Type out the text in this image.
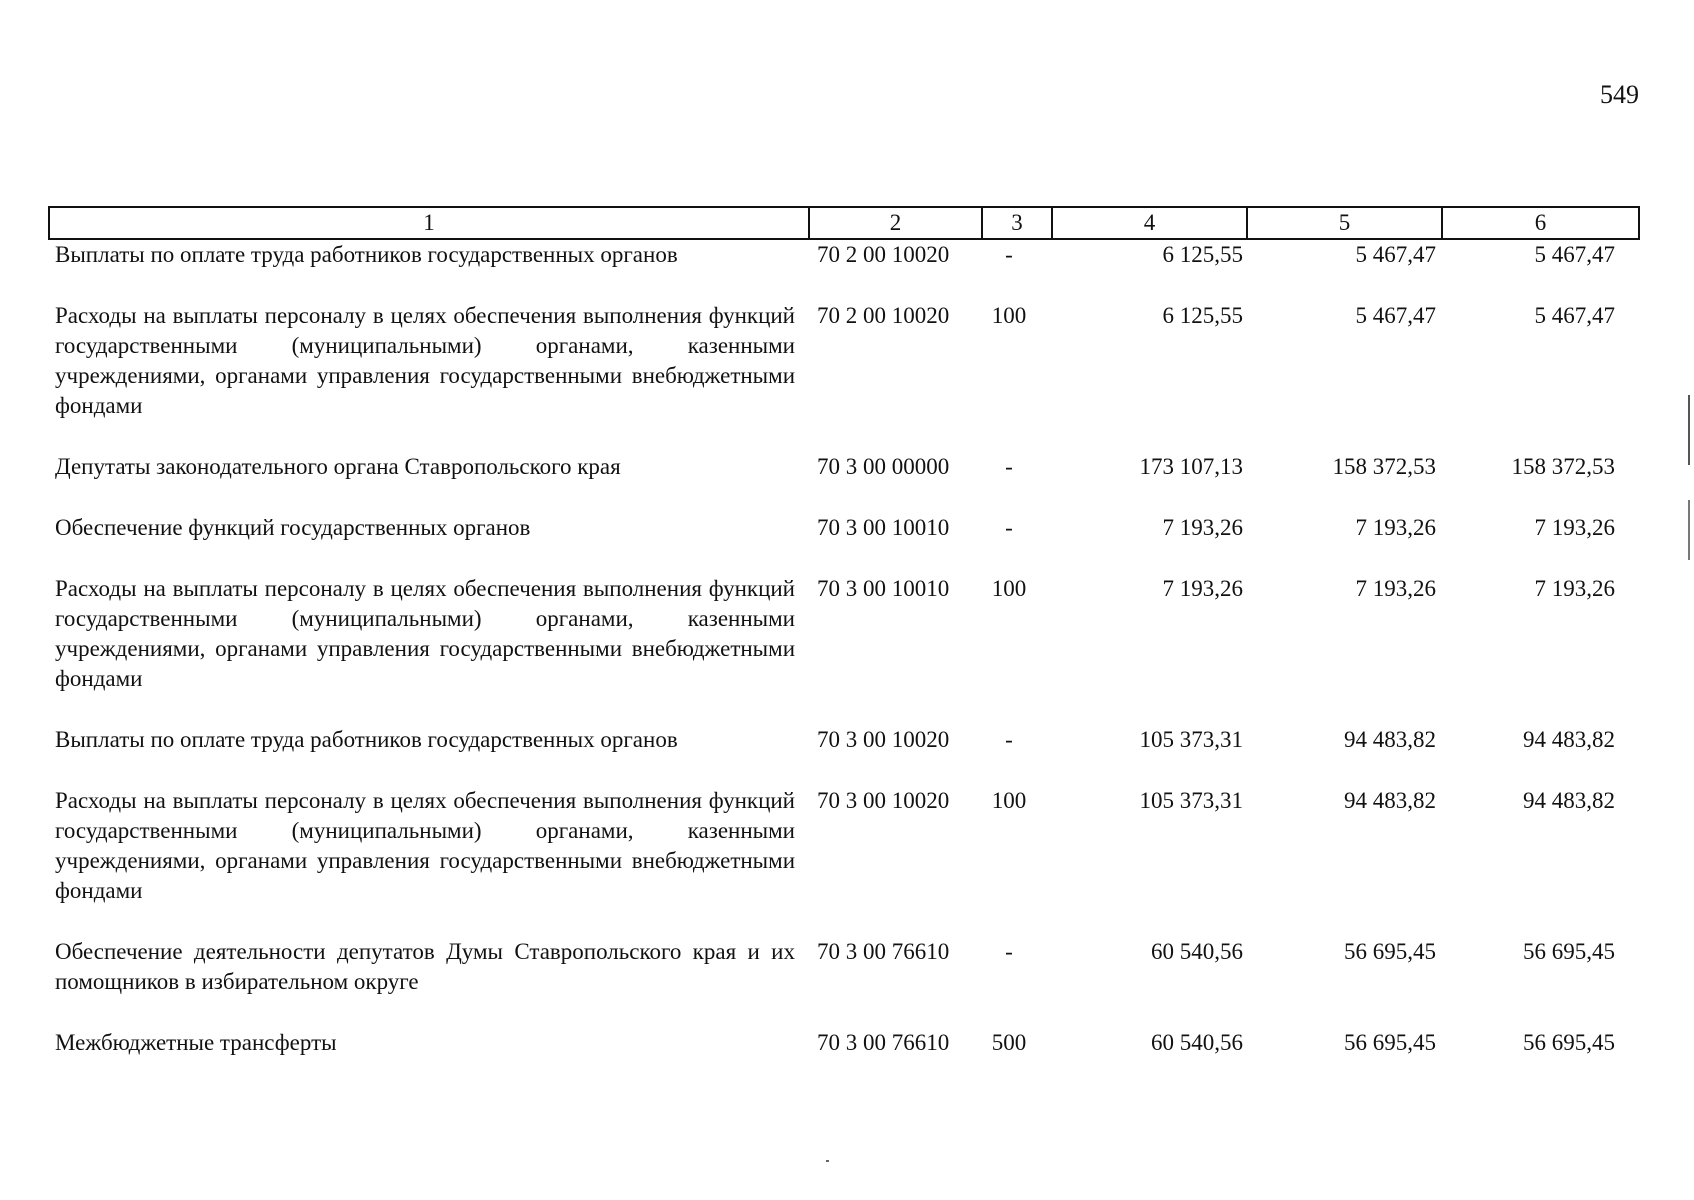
549
1	2	3	4	5	6
Выплаты по оплате труда работников государственных органов	70 2 00 10020	-	6 125,55	5 467,47	5 467,47
Расходы на выплаты персоналу в целях обеспечения выполнения функций государственными (муниципальными) органами, казенными учреждениями, органами управления государственными внебюджетными фондами	70 2 00 10020	100	6 125,55	5 467,47	5 467,47
Депутаты законодательного органа Ставропольского края	70 3 00 00000	-	173 107,13	158 372,53	158 372,53
Обеспечение функций государственных органов	70 3 00 10010	-	7 193,26	7 193,26	7 193,26
Расходы на выплаты персоналу в целях обеспечения выполнения функций государственными (муниципальными) органами, казенными учреждениями, органами управления государственными внебюджетными фондами	70 3 00 10010	100	7 193,26	7 193,26	7 193,26
Выплаты по оплате труда работников государственных органов	70 3 00 10020	-	105 373,31	94 483,82	94 483,82
Расходы на выплаты персоналу в целях обеспечения выполнения функций государственными (муниципальными) органами, казенными учреждениями, органами управления государственными внебюджетными фондами	70 3 00 10020	100	105 373,31	94 483,82	94 483,82
Обеспечение деятельности депутатов Думы Ставропольского края и их помощников в избирательном округе	70 3 00 76610	-	60 540,56	56 695,45	56 695,45
Межбюджетные трансферты	70 3 00 76610	500	60 540,56	56 695,45	56 695,45
